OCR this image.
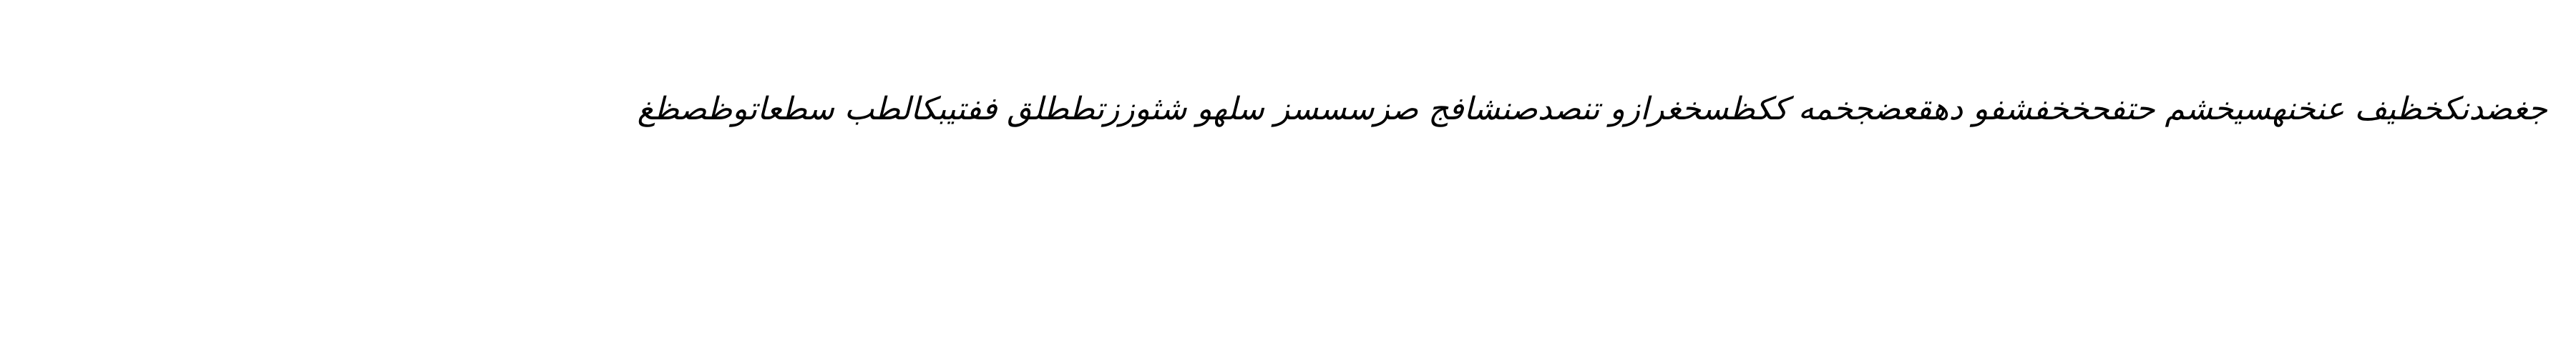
جغضدنكخظيف عنخنهسيخشم حتفحخخفشفو دهقعضجخمه ككظسخغرازو تنصدصنشافج صزسسسز سلهو شثوززتططلق ففتيبكالطب سطعاتوظصظغ
